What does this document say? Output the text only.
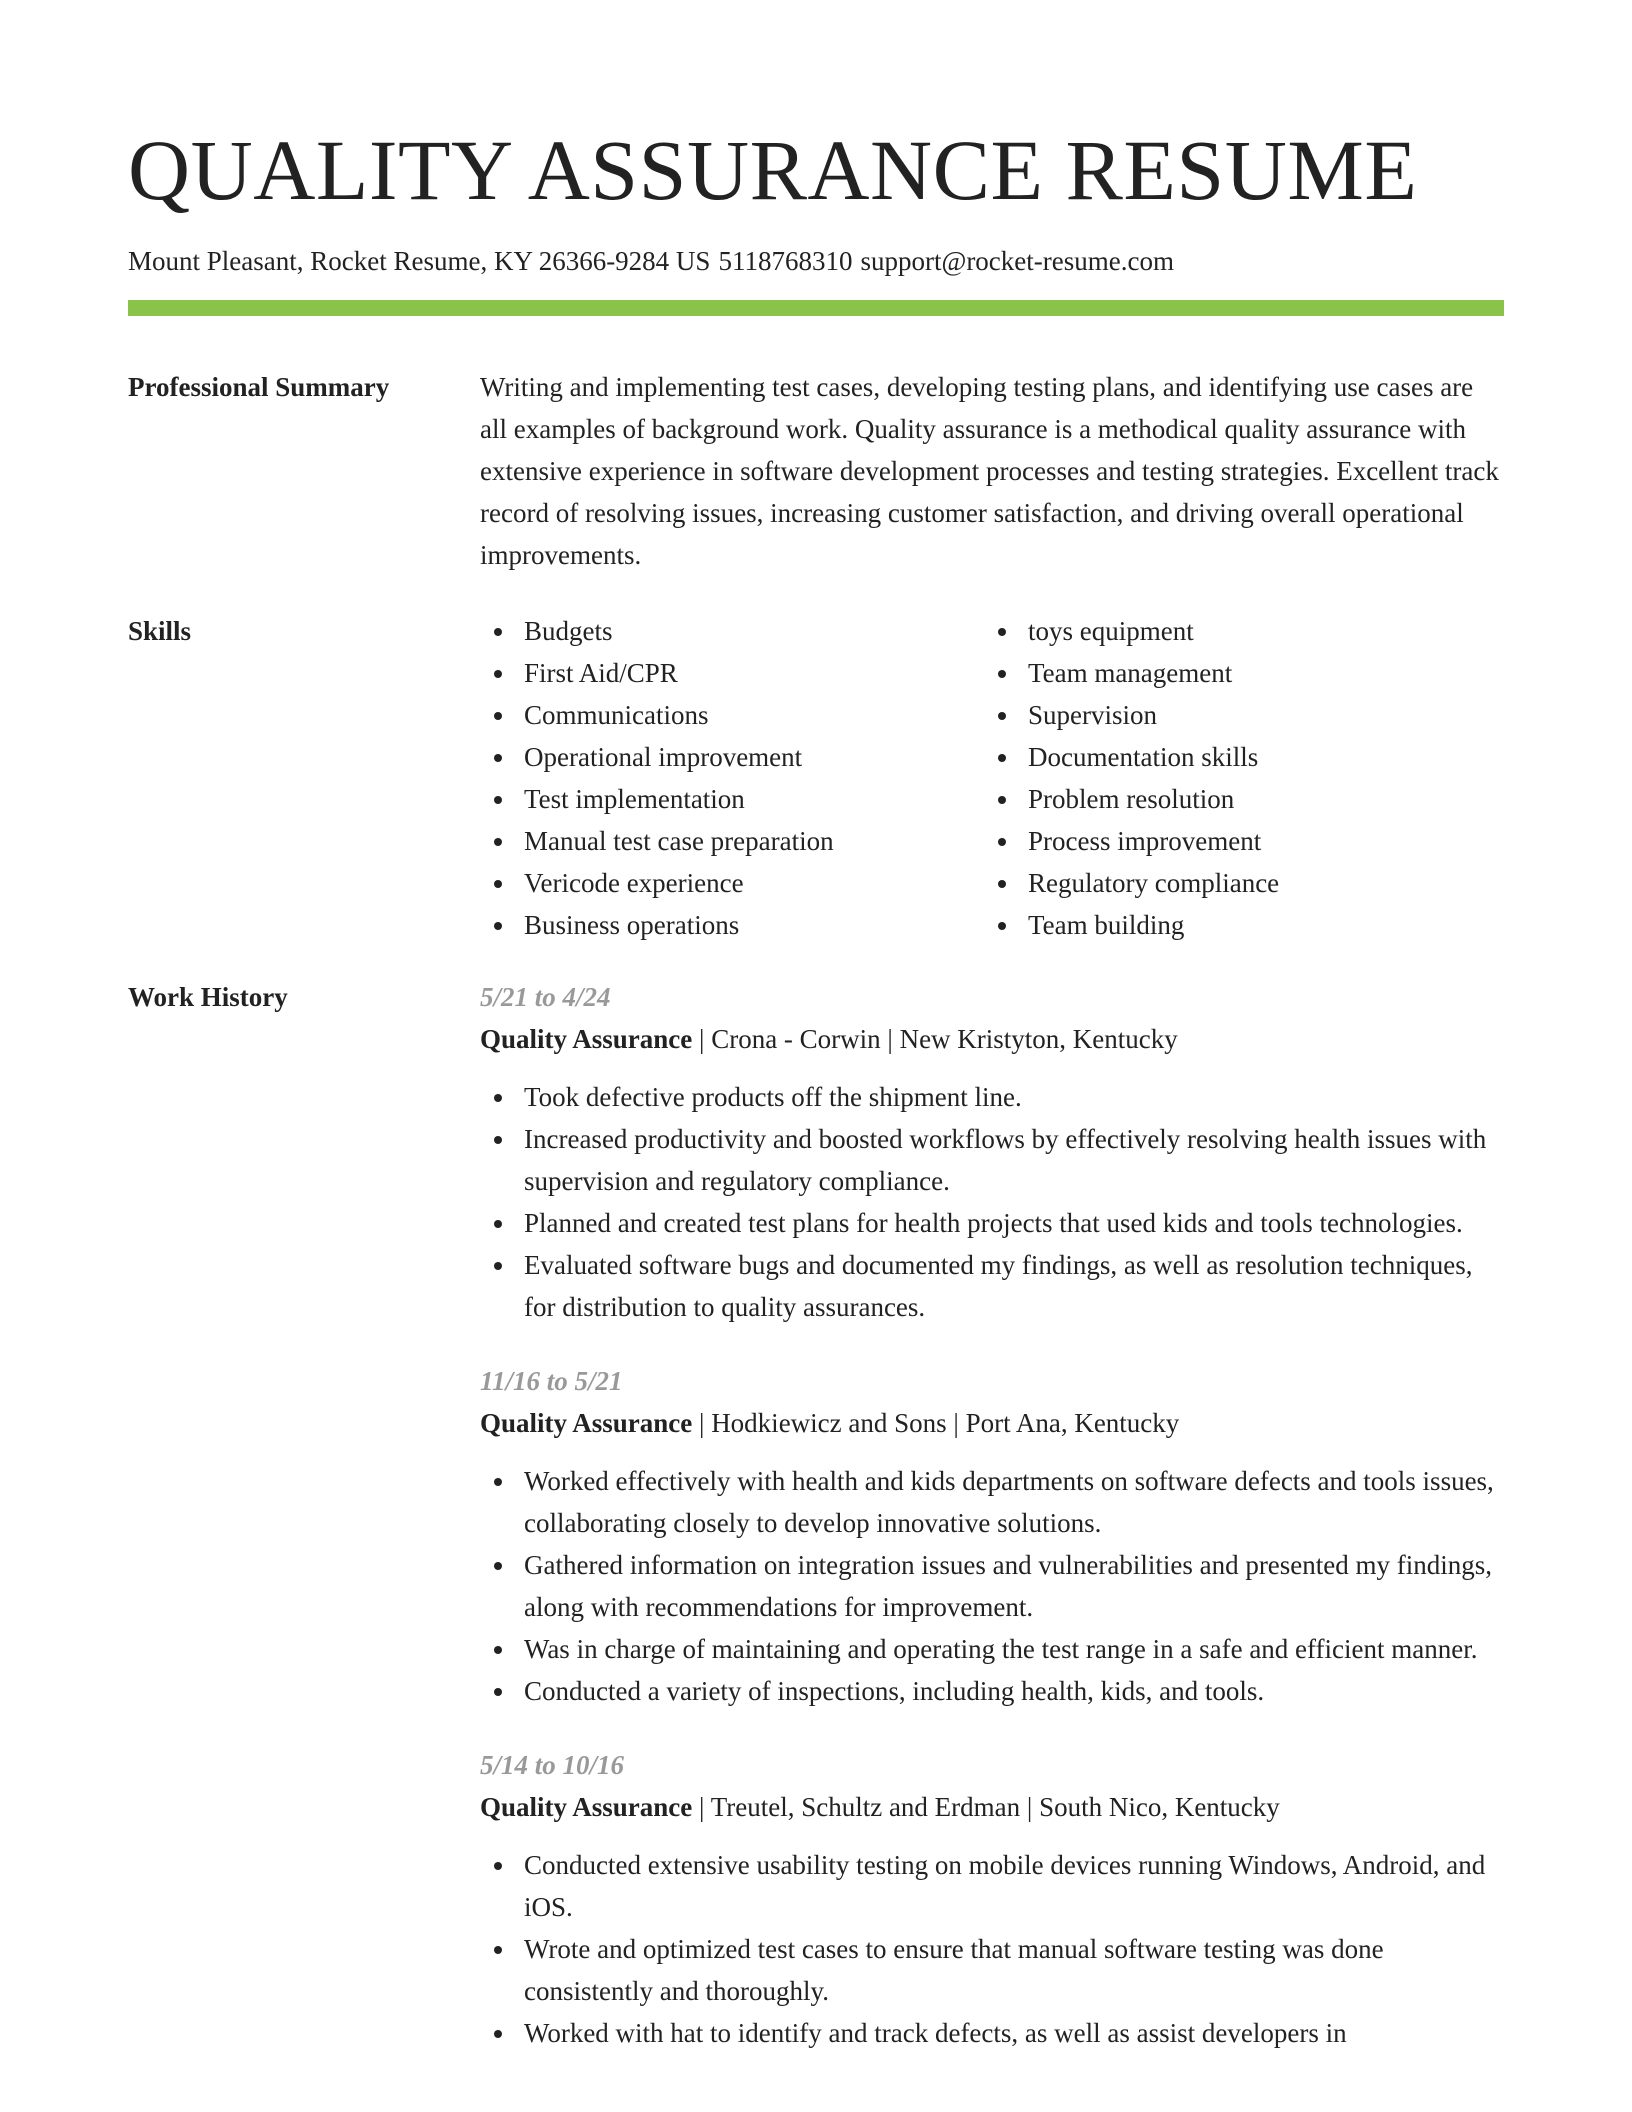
QUALITY ASSURANCE RESUME
Mount Pleasant, Rocket Resume, KY 26366-9284 US 5118768310 support@rocket-resume.com
Professional Summary	Writing and implementing test cases, developing testing plans, and identifying use cases are all examples of background work. Quality assurance is a methodical quality assurance with extensive experience in software development processes and testing strategies. Excellent track record of resolving issues, increasing customer satisfaction, and driving overall operational improvements.
Skills	Budgets
First Aid/CPR
Communications
Operational improvement
Test implementation
Manual test case preparation
Vericode experience
Business operations
toys equipment
Team management
Supervision
Documentation skills
Problem resolution
Process improvement
Regulatory compliance
Team building
Work History	5/21 to 4/24
Quality Assurance | Crona - Corwin | New Kristyton, Kentucky
Took defective products off the shipment line.
Increased productivity and boosted workflows by effectively resolving health issues with supervision and regulatory compliance.
Planned and created test plans for health projects that used kids and tools technologies.
Evaluated software bugs and documented my findings, as well as resolution techniques, for distribution to quality assurances.
11/16 to 5/21
Quality Assurance | Hodkiewicz and Sons | Port Ana, Kentucky
Worked effectively with health and kids departments on software defects and tools issues, collaborating closely to develop innovative solutions.
Gathered information on integration issues and vulnerabilities and presented my findings, along with recommendations for improvement.
Was in charge of maintaining and operating the test range in a safe and efficient manner.
Conducted a variety of inspections, including health, kids, and tools.
5/14 to 10/16
Quality Assurance | Treutel, Schultz and Erdman | South Nico, Kentucky
Conducted extensive usability testing on mobile devices running Windows, Android, and iOS.
Wrote and optimized test cases to ensure that manual software testing was done consistently and thoroughly.
Worked with hat to identify and track defects, as well as assist developers in
